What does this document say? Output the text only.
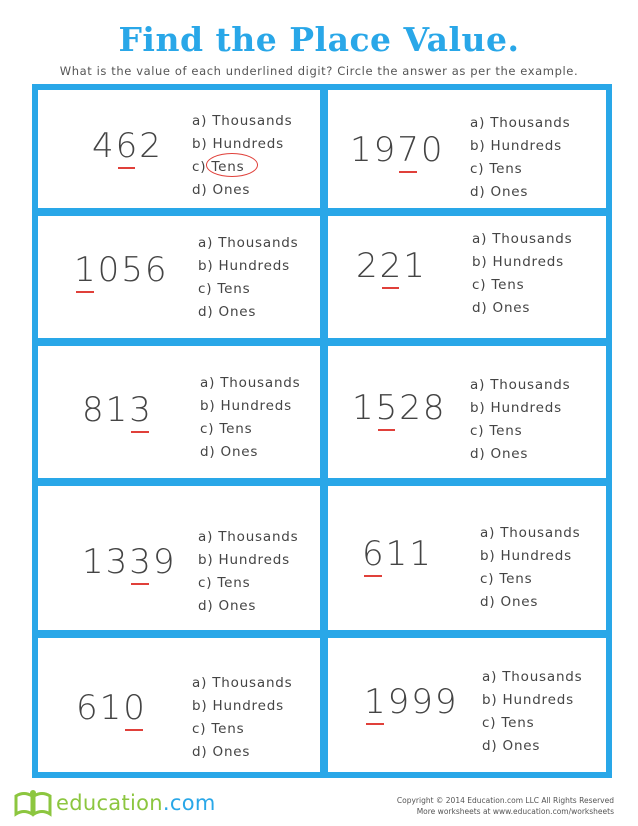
Find the Place Value.
What is the value of each underlined digit? Circle the answer as per the example.
462
a) Thousands
b) Hundreds
c) Tens
d) Ones
1970
a) Thousands
b) Hundreds
c) Tens
d) Ones
1056
a) Thousands
b) Hundreds
c) Tens
d) Ones
221
a) Thousands
b) Hundreds
c) Tens
d) Ones
813
a) Thousands
b) Hundreds
c) Tens
d) Ones
1528
a) Thousands
b) Hundreds
c) Tens
d) Ones
1339
a) Thousands
b) Hundreds
c) Tens
d) Ones
611
a) Thousands
b) Hundreds
c) Tens
d) Ones
610
a) Thousands
b) Hundreds
c) Tens
d) Ones
1999
a) Thousands
b) Hundreds
c) Tens
d) Ones
education.com	Copyright © 2014 Education.com LLC All Rights Reserved
More worksheets at www.education.com/worksheets
